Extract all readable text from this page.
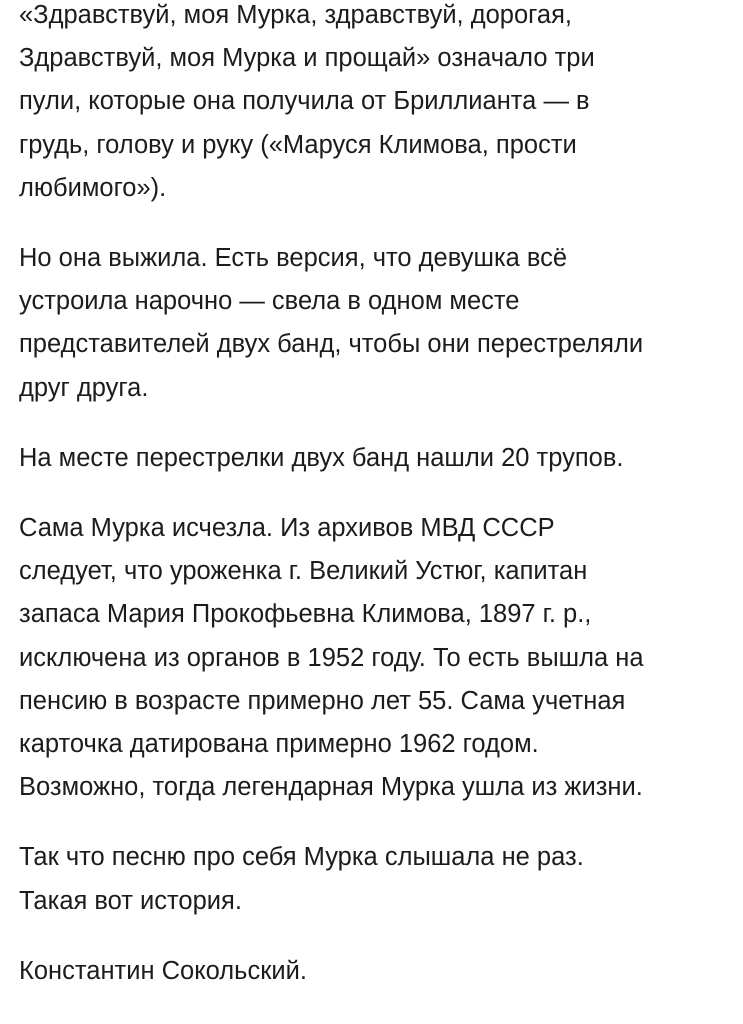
«Здравствуй, моя Мурка, здравствуй, дорогая,
Здравствуй, моя Мурка и прощай» означало три
пули, которые она получила от Бриллианта — в
грудь, голову и руку («Маруся Климова, прости
любимого»).

Но она выжила. Есть версия, что девушка всё
устроила нарочно — свела в одном месте
представителей двух банд, чтобы они перестреляли
друг друга.

На месте перестрелки двух банд нашли 20 трупов.

Сама Мурка исчезла. Из архивов МВД СССР
следует, что уроженка г. Великий Устюг, капитан
запаса Мария Прокофьевна Климова, 1897 г. р.,
исключена из органов в 1952 году. То есть вышла на
пенсию в возрасте примерно лет 55. Сама учетная
карточка датирована примерно 1962 годом.
Возможно, тогда легендарная Мурка ушла из жизни.

Так что песню про себя Мурка слышала не раз.
Такая вот история.

Константин Сокольский.
